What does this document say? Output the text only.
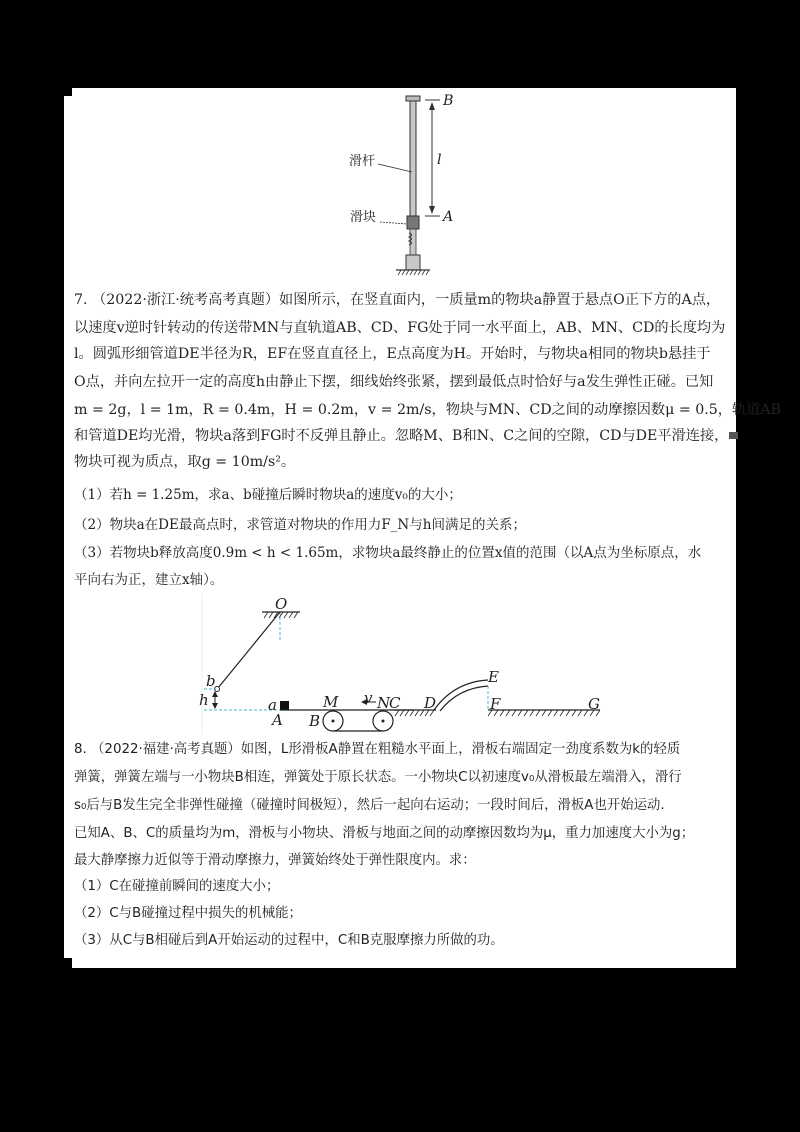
滑杆
滑块
B
A
l
7. （2022·浙江·统考高考真题）如图所示，在竖直面内，一质量m的物块a静置于悬点O正下方的A点，
以速度v逆时针转动的传送带MN与直轨道AB、CD、FG处于同一水平面上，AB、MN、CD的长度均为
l。圆弧形细管道DE半径为R，EF在竖直直径上，E点高度为H。开始时，与物块a相同的物块b悬挂于
O点，并向左拉开一定的高度h由静止下摆，细线始终张紧，摆到最低点时恰好与a发生弹性正碰。已知
m = 2g，l = 1m，R = 0.4m，H = 0.2m，v = 2m/s，物块与MN、CD之间的动摩擦因数μ = 0.5，轨道AB
和管道DE均光滑，物块a落到FG时不反弹且静止。忽略M、B和N、C之间的空隙，CD与DE平滑连接，
物块可视为质点，取g = 10m/s²。
（1）若h = 1.25m，求a、b碰撞后瞬时物块a的速度v₀的大小；
（2）物块a在DE最高点时，求管道对物块的作用力F_N与h间满足的关系；
（3）若物块b释放高度0.9m < h < 1.65m，求物块a最终静止的位置x值的范围（以A点为坐标原点，水
平向右为正，建立x轴）。
O
b
h	a
A B
M v N
C D
E
F	G
8. （2022·福建·高考真题）如图，L形滑板A静置在粗糙水平面上，滑板右端固定一劲度系数为k的轻质
弹簧，弹簧左端与一小物块B相连，弹簧处于原长状态。一小物块C以初速度v₀从滑板最左端滑入，滑行
s₀后与B发生完全非弹性碰撞（碰撞时间极短），然后一起向右运动；一段时间后，滑板A也开始运动.
已知A、B、C的质量均为m，滑板与小物块、滑板与地面之间的动摩擦因数均为μ，重力加速度大小为g；
最大静摩擦力近似等于滑动摩擦力，弹簧始终处于弹性限度内。求：
（1）C在碰撞前瞬间的速度大小；
（2）C与B碰撞过程中损失的机械能；
（3）从C与B相碰后到A开始运动的过程中，C和B克服摩擦力所做的功。
